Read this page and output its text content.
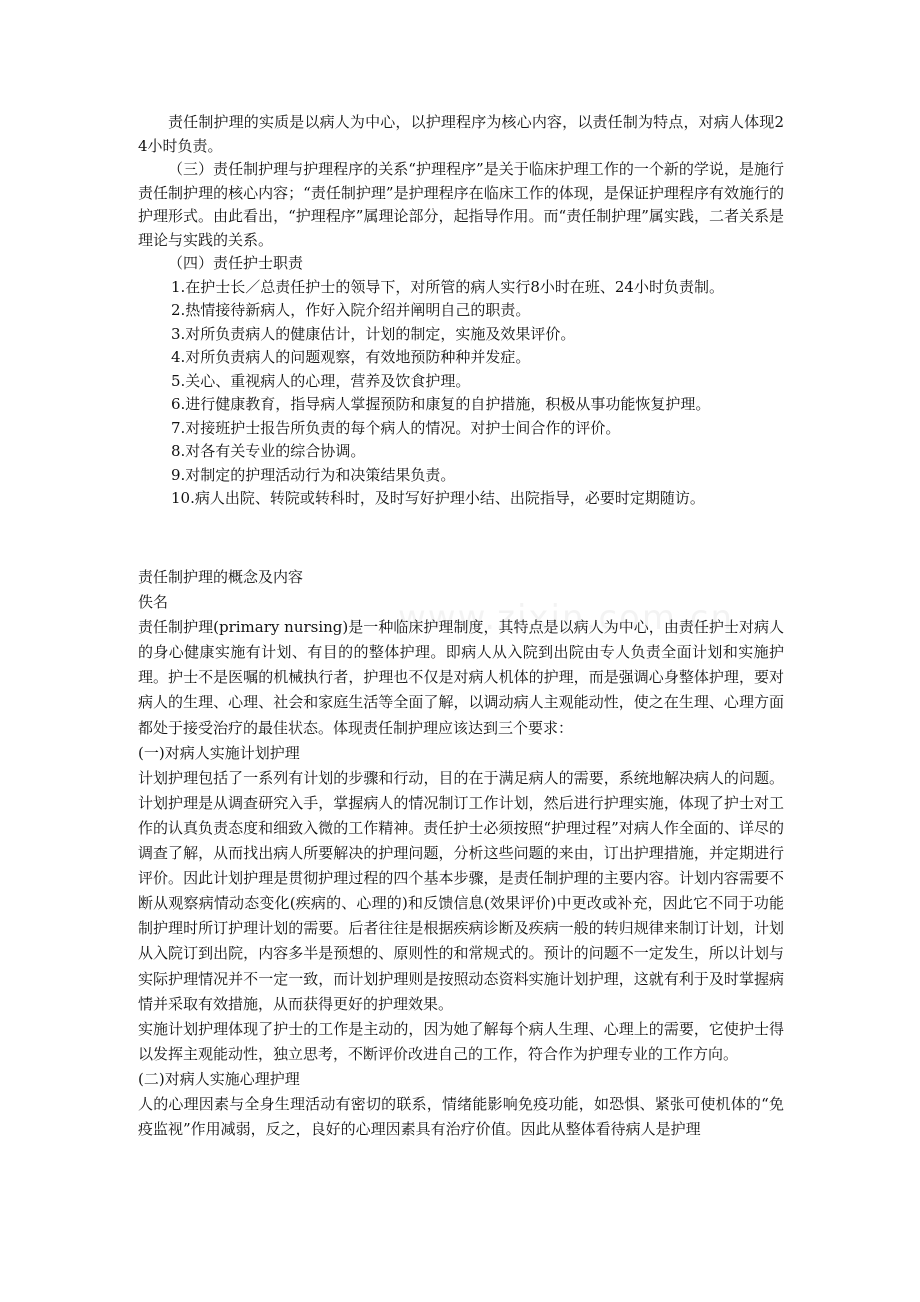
责任制护理的实质是以病人为中心，以护理程序为核心内容，以责任制为特点，对病人体现24小时负责。

（三）责任制护理与护理程序的关系“护理程序”是关于临床护理工作的一个新的学说，是施行责任制护理的核心内容；“责任制护理”是护理程序在临床工作的体现，是保证护理程序有效施行的护理形式。由此看出，“护理程序”属理论部分，起指导作用。而“责任制护理”属实践，二者关系是理论与实践的关系。

（四）责任护士职责

1.在护士长／总责任护士的领导下，对所管的病人实行8小时在班、24小时负责制。

2.热情接待新病人，作好入院介绍并阐明自己的职责。

3.对所负责病人的健康估计，计划的制定，实施及效果评价。

4.对所负责病人的问题观察，有效地预防种种并发症。

5.关心、重视病人的心理，营养及饮食护理。

6.进行健康教育，指导病人掌握预防和康复的自护措施，积极从事功能恢复护理。

7.对接班护士报告所负责的每个病人的情况。对护士间合作的评价。

8.对各有关专业的综合协调。

9.对制定的护理活动行为和决策结果负责。

10.病人出院、转院或转科时，及时写好护理小结、出院指导，必要时定期随访。

责任制护理的概念及内容

佚名

责任制护理(primary nursing)是一种临床护理制度，其特点是以病人为中心，由责任护士对病人的身心健康实施有计划、有目的的整体护理。即病人从入院到出院由专人负责全面计划和实施护理。护士不是医嘱的机械执行者，护理也不仅是对病人机体的护理，而是强调心身整体护理，要对病人的生理、心理、社会和家庭生活等全面了解，以调动病人主观能动性，使之在生理、心理方面都处于接受治疗的最佳状态。体现责任制护理应该达到三个要求：

(一)对病人实施计划护理

计划护理包括了一系列有计划的步骤和行动，目的在于满足病人的需要，系统地解决病人的问题。计划护理是从调查研究入手，掌握病人的情况制订工作计划，然后进行护理实施，体现了护士对工作的认真负责态度和细致入微的工作精神。责任护士必须按照“护理过程”对病人作全面的、详尽的调查了解，从而找出病人所要解决的护理问题，分析这些问题的来由，订出护理措施，并定期进行评价。因此计划护理是贯彻护理过程的四个基本步骤，是责任制护理的主要内容。计划内容需要不断从观察病情动态变化(疾病的、心理的)和反馈信息(效果评价)中更改或补充，因此它不同于功能制护理时所订护理计划的需要。后者往往是根据疾病诊断及疾病一般的转归规律来制订计划，计划从入院订到出院，内容多半是预想的、原则性的和常规式的。预计的问题不一定发生，所以计划与实际护理情况并不一定一致，而计划护理则是按照动态资料实施计划护理，这就有利于及时掌握病情并采取有效措施，从而获得更好的护理效果。

实施计划护理体现了护士的工作是主动的，因为她了解每个病人生理、心理上的需要，它使护士得以发挥主观能动性，独立思考，不断评价改进自己的工作，符合作为护理专业的工作方向。

(二)对病人实施心理护理

人的心理因素与全身生理活动有密切的联系，情绪能影响免疫功能，如恐惧、紧张可使机体的“免疫监视”作用减弱，反之，良好的心理因素具有治疗价值。因此从整体看待病人是护理
